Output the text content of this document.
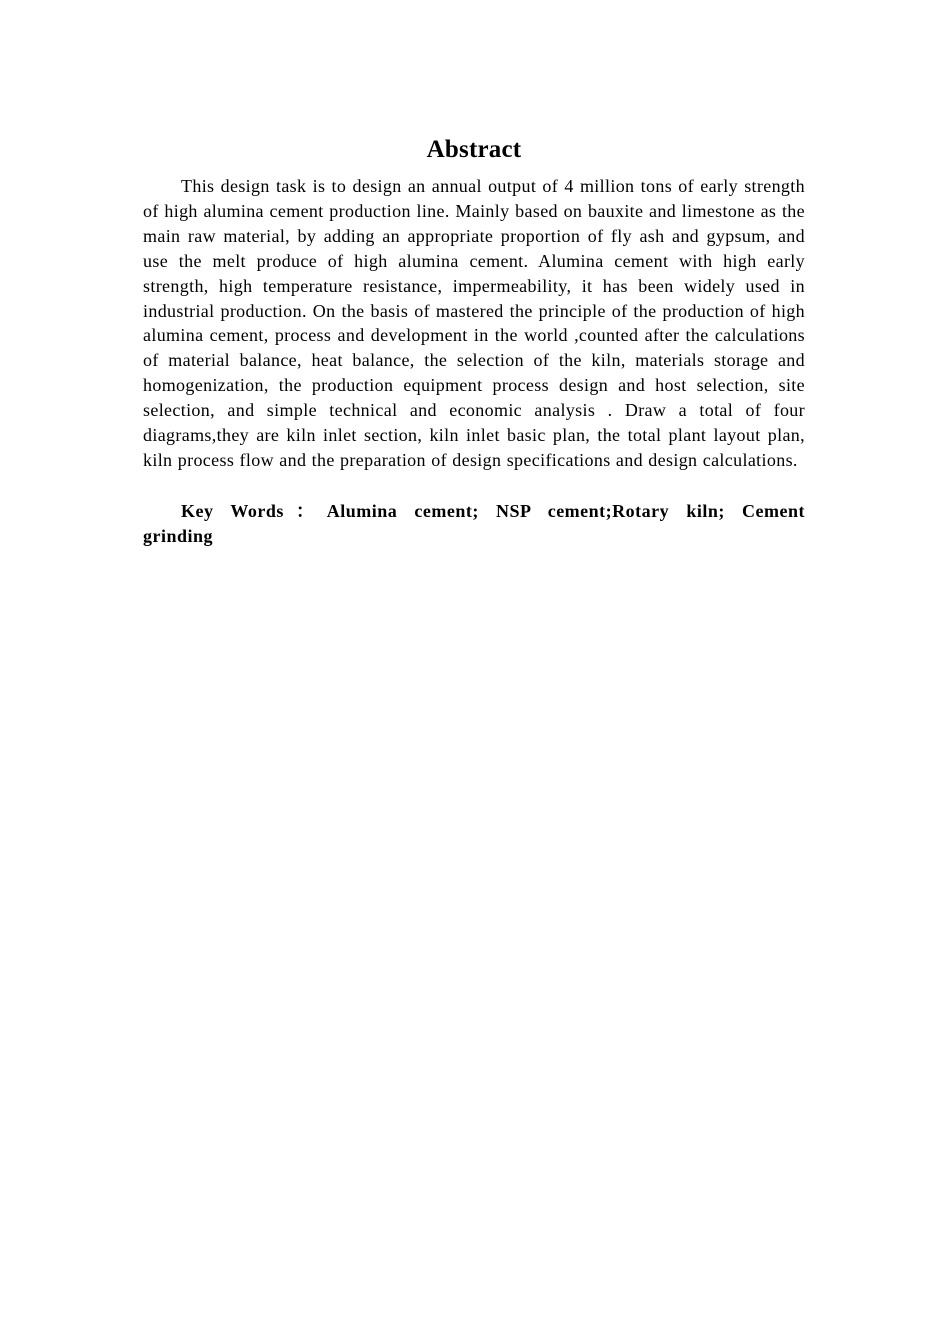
Abstract

This design task is to design an annual output of 4 million tons of early strength of high alumina cement production line. Mainly based on bauxite and limestone as the main raw material, by adding an appropriate proportion of fly ash and gypsum, and use the melt produce of high alumina cement. Alumina cement with high early strength, high temperature resistance, impermeability, it has been widely used in industrial production. On the basis of mastered the principle of the production of high alumina cement, process and development in the world ,counted after the calculations of material balance, heat balance, the selection of the kiln, materials storage and homogenization, the production equipment process design and host selection, site selection, and simple technical and economic analysis . Draw a total of four diagrams,they are kiln inlet section, kiln inlet basic plan, the total plant layout plan, kiln process flow and the preparation of design specifications and design calculations.

Key Words ： Alumina cement; NSP cement;Rotary kiln; Cement grinding
